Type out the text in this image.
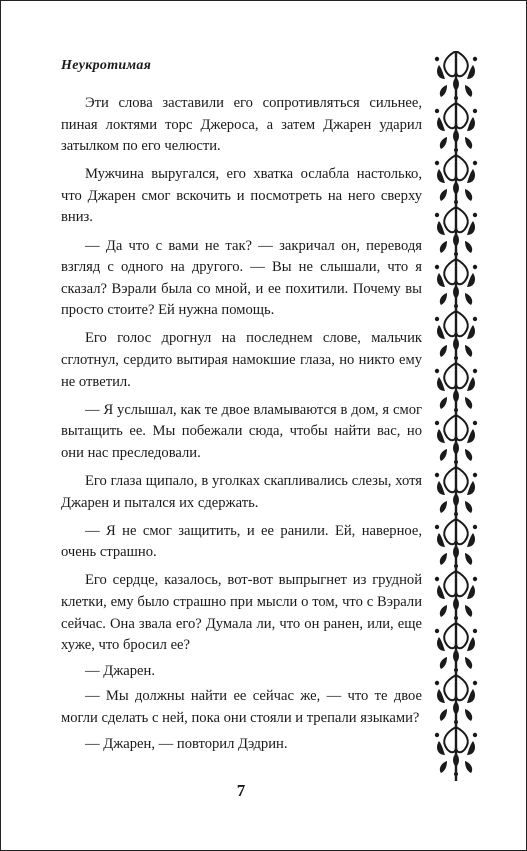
Неукротимая

Эти слова заставили его сопротивляться сильнее, пиная локтями торс Джероса, а затем Джарен ударил затылком по его челюсти.

Мужчина выругался, его хватка ослабла настолько, что Джарен смог вскочить и посмотреть на него сверху вниз.

— Да что с вами не так? — закричал он, переводя взгляд с одного на другого. — Вы не слышали, что я сказал? Вэрали была со мной, и ее похитили. Почему вы просто стоите? Ей нужна помощь.

Его голос дрогнул на последнем слове, мальчик сглотнул, сердито вытирая намокшие глаза, но никто ему не ответил.

— Я услышал, как те двое вламываются в дом, я смог вытащить ее. Мы побежали сюда, чтобы найти вас, но они нас преследовали.

Его глаза щипало, в уголках скапливались слезы, хотя Джарен и пытался их сдержать.

— Я не смог защитить, и ее ранили. Ей, наверное, очень страшно.

Его сердце, казалось, вот-вот выпрыгнет из грудной клетки, ему было страшно при мысли о том, что с Вэрали сейчас. Она звала его? Думала ли, что он ранен, или, еще хуже, что бросил ее?

— Джарен.

— Мы должны найти ее сейчас же, — что те двое могли сделать с ней, пока они стояли и трепали языками?

— Джарен, — повторил Дэдрин.

7
